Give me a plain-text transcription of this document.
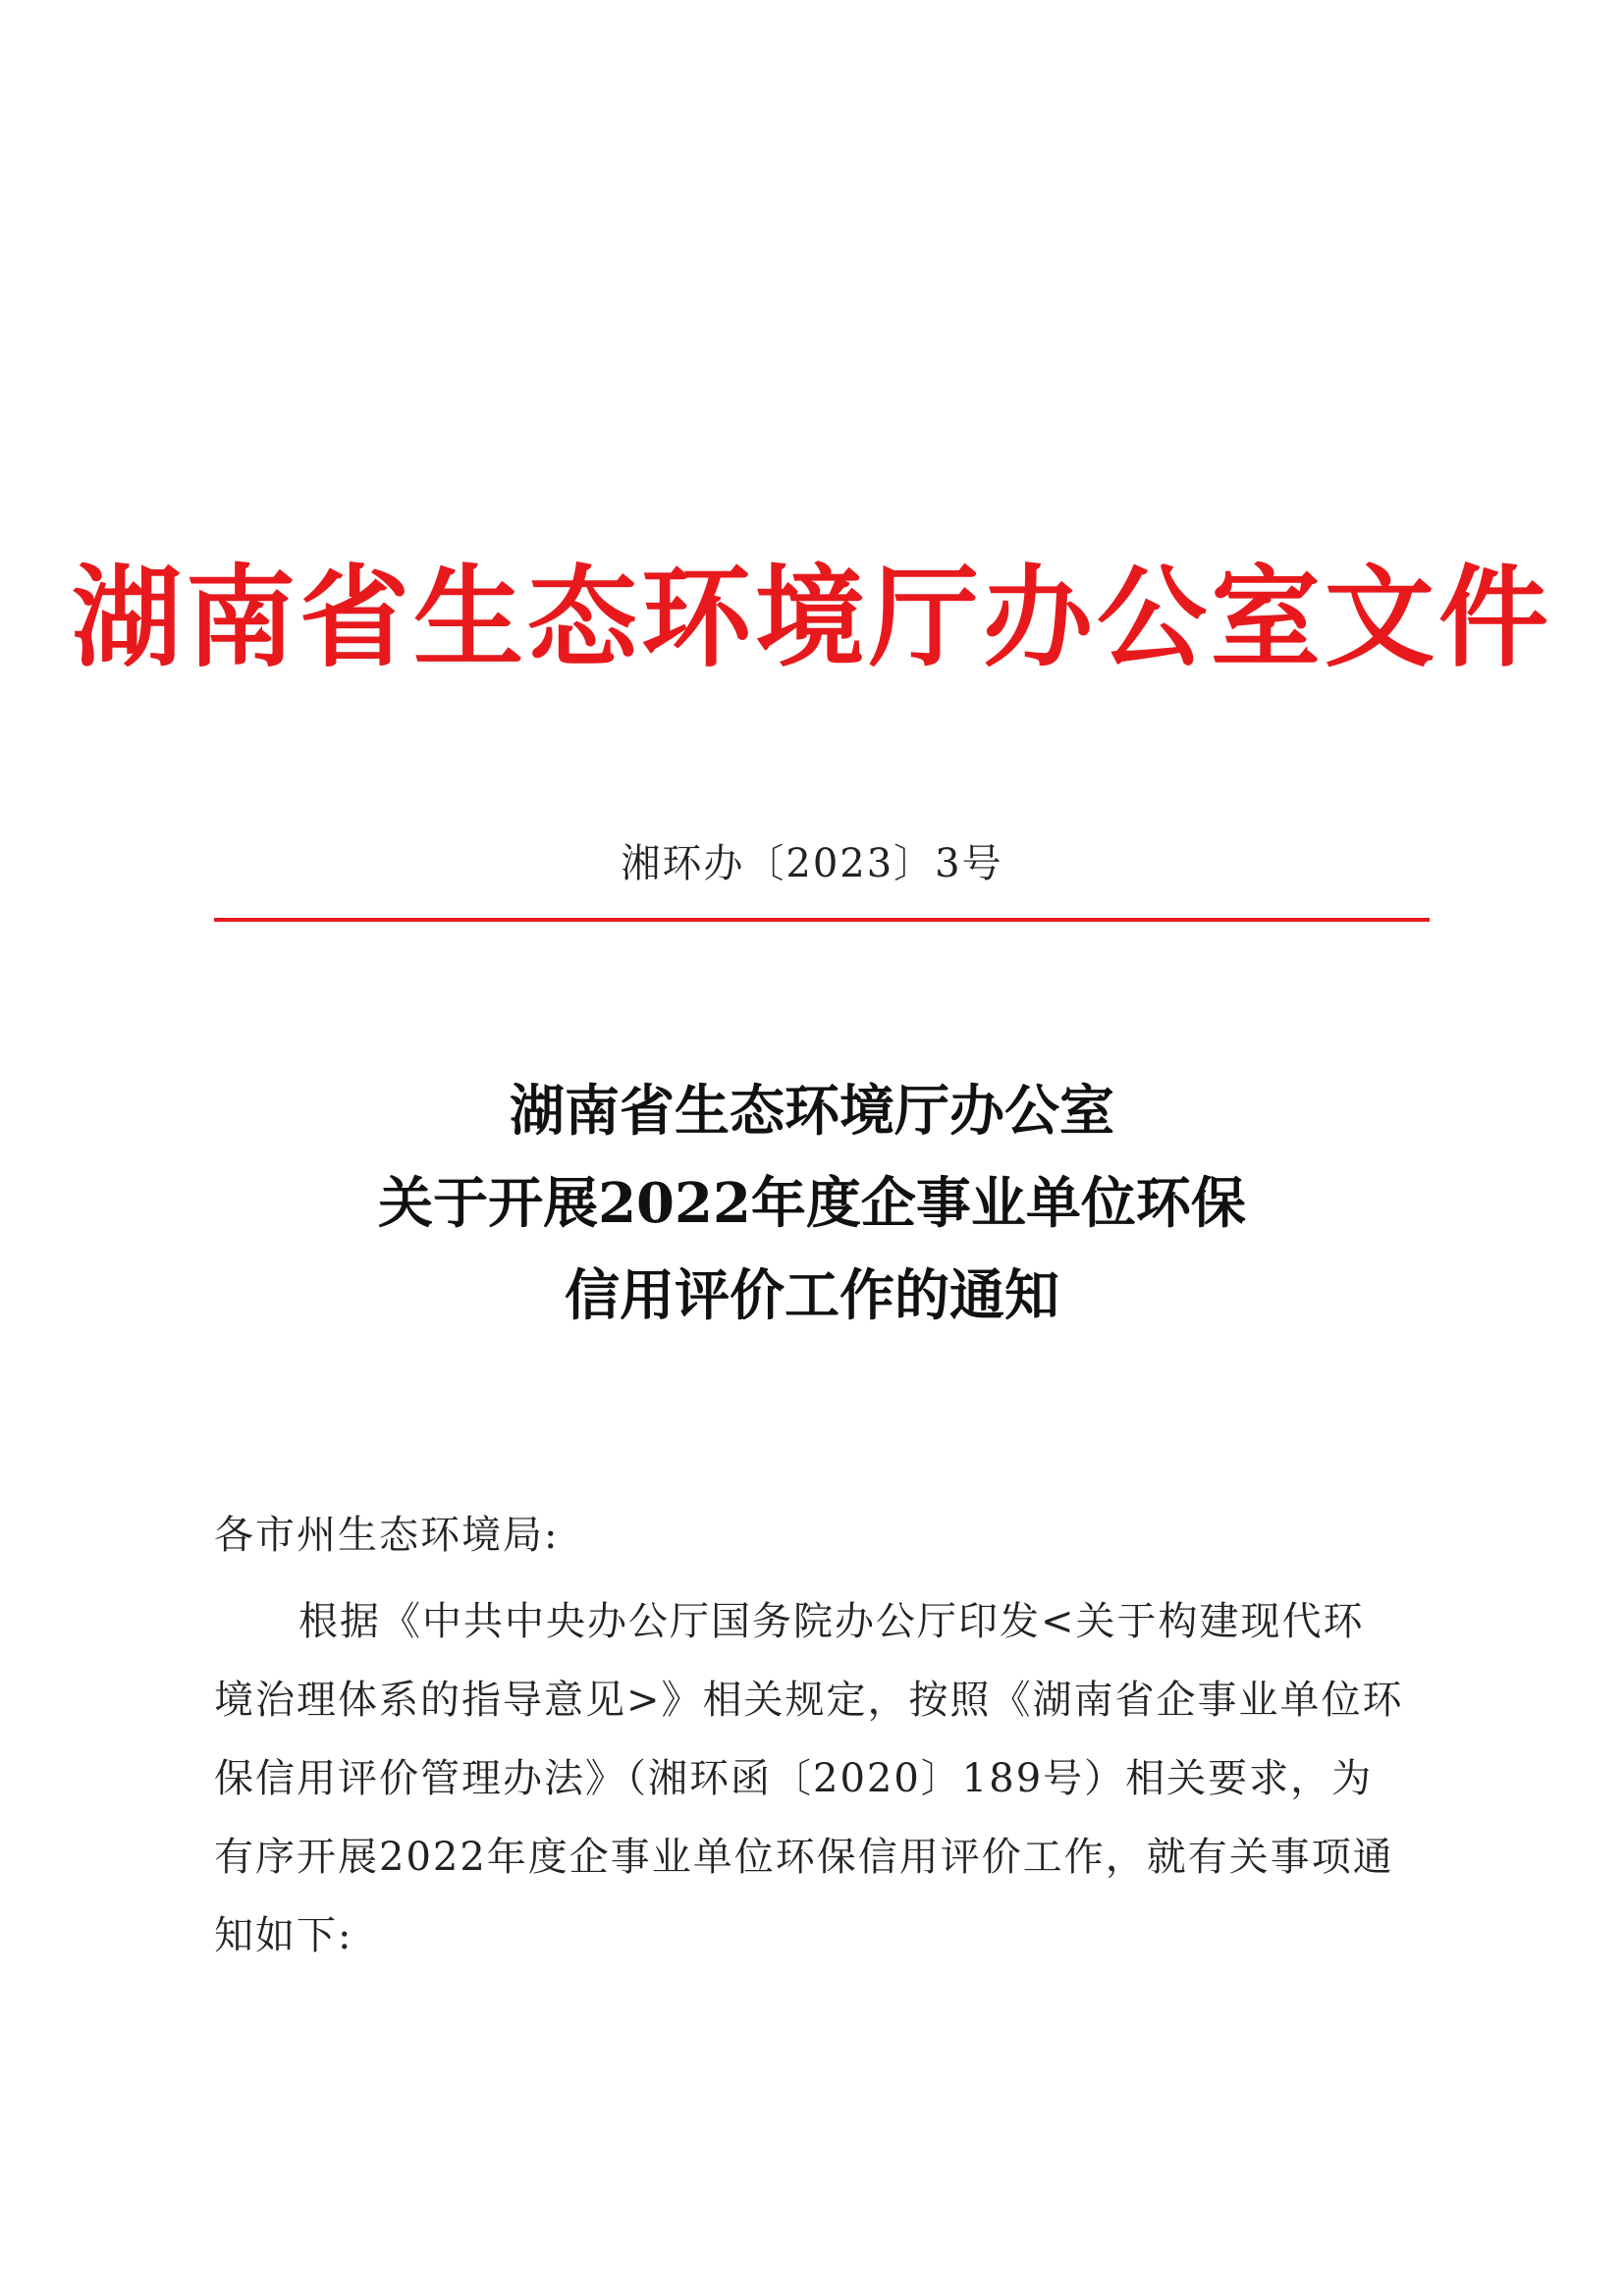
湖南省生态环境厅办公室文件
湘环办〔2023〕3号
湖南省生态环境厅办公室
关于开展2022年度企事业单位环保
信用评价工作的通知
各市州生态环境局:
根据《中共中央办公厅国务院办公厅印发<关于构建现代环
境治理体系的指导意见>》相关规定，按照《湖南省企事业单位环
保信用评价管理办法》（湘环函〔2020〕189号）相关要求，为
有序开展2022年度企事业单位环保信用评价工作，就有关事项通
知如下:
